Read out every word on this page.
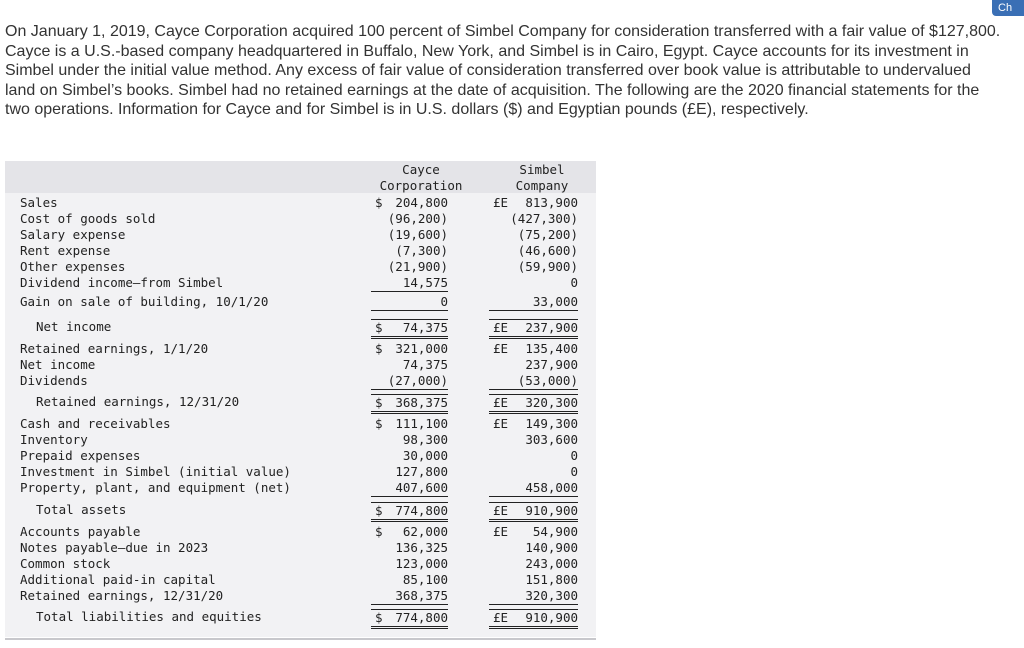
On January 1, 2019, Cayce Corporation acquired 100 percent of Simbel Company for consideration transferred with a fair value of $127,800. Cayce is a U.S.-based company headquartered in Buffalo, New York, and Simbel is in Cairo, Egypt. Cayce accounts for its investment in Simbel under the initial value method. Any excess of fair value of consideration transferred over book value is attributable to undervalued land on Simbel’s books. Simbel had no retained earnings at the date of acquisition. The following are the 2020 financial statements for the two operations. Information for Cayce and for Simbel is in U.S. dollars ($) and Egyptian pounds (£E), respectively.
Ch
Cayce
Corporation
Simbel
Company
Sales	$ 204,800	£E 813,900
Cost of goods sold	(96,200)	(427,300)
Salary expense	(19,600)	(75,200)
Rent expense	(7,300)	(46,600)
Other expenses	(21,900)	(59,900)
Dividend income—from Simbel	14,575	0
Gain on sale of building, 10/1/20	0	33,000
Net income	$ 74,375	£E 237,900
Retained earnings, 1/1/20	$ 321,000	£E 135,400
Net income	74,375	237,900
Dividends	(27,000)	(53,000)
Retained earnings, 12/31/20	$ 368,375	£E 320,300
Cash and receivables	$ 111,100	£E 149,300
Inventory	98,300	303,600
Prepaid expenses	30,000	0
Investment in Simbel (initial value)	127,800	0
Property, plant, and equipment (net)	407,600	458,000
Total assets	$ 774,800	£E 910,900
Accounts payable	$ 62,000	£E 54,900
Notes payable—due in 2023	136,325	140,900
Common stock	123,000	243,000
Additional paid-in capital	85,100	151,800
Retained earnings, 12/31/20	368,375	320,300
Total liabilities and equities	$ 774,800	£E 910,900
